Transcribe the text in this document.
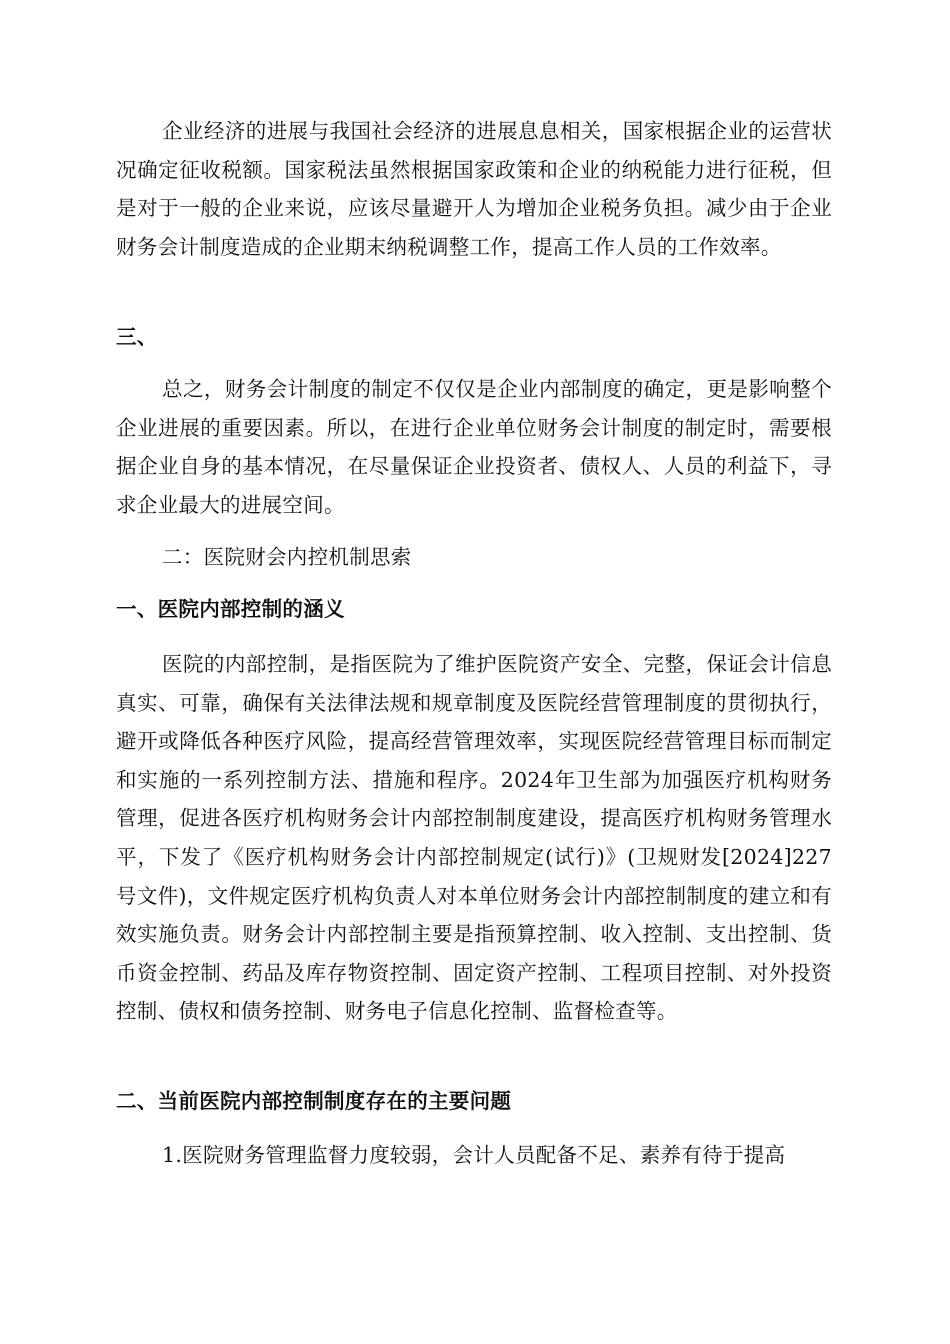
企业经济的进展与我国社会经济的进展息息相关，国家根据企业的运营状况确定征收税额。国家税法虽然根据国家政策和企业的纳税能力进行征税，但是对于一般的企业来说，应该尽量避开人为增加企业税务负担。减少由于企业财务会计制度造成的企业期末纳税调整工作，提高工作人员的工作效率。

三、

总之，财务会计制度的制定不仅仅是企业内部制度的确定，更是影响整个企业进展的重要因素。所以，在进行企业单位财务会计制度的制定时，需要根据企业自身的基本情况，在尽量保证企业投资者、债权人、人员的利益下，寻求企业最大的进展空间。

二：医院财会内控机制思索

一、医院内部控制的涵义

医院的内部控制，是指医院为了维护医院资产安全、完整，保证会计信息真实、可靠，确保有关法律法规和规章制度及医院经营管理制度的贯彻执行，避开或降低各种医疗风险，提高经营管理效率，实现医院经营管理目标而制定和实施的一系列控制方法、措施和程序。2024年卫生部为加强医疗机构财务管理，促进各医疗机构财务会计内部控制制度建设，提高医疗机构财务管理水平，下发了《医疗机构财务会计内部控制规定(试行)》(卫规财发[2024]227号文件)，文件规定医疗机构负责人对本单位财务会计内部控制制度的建立和有效实施负责。财务会计内部控制主要是指预算控制、收入控制、支出控制、货币资金控制、药品及库存物资控制、固定资产控制、工程项目控制、对外投资控制、债权和债务控制、财务电子信息化控制、监督检查等。

二、当前医院内部控制制度存在的主要问题

1.医院财务管理监督力度较弱，会计人员配备不足、素养有待于提高
